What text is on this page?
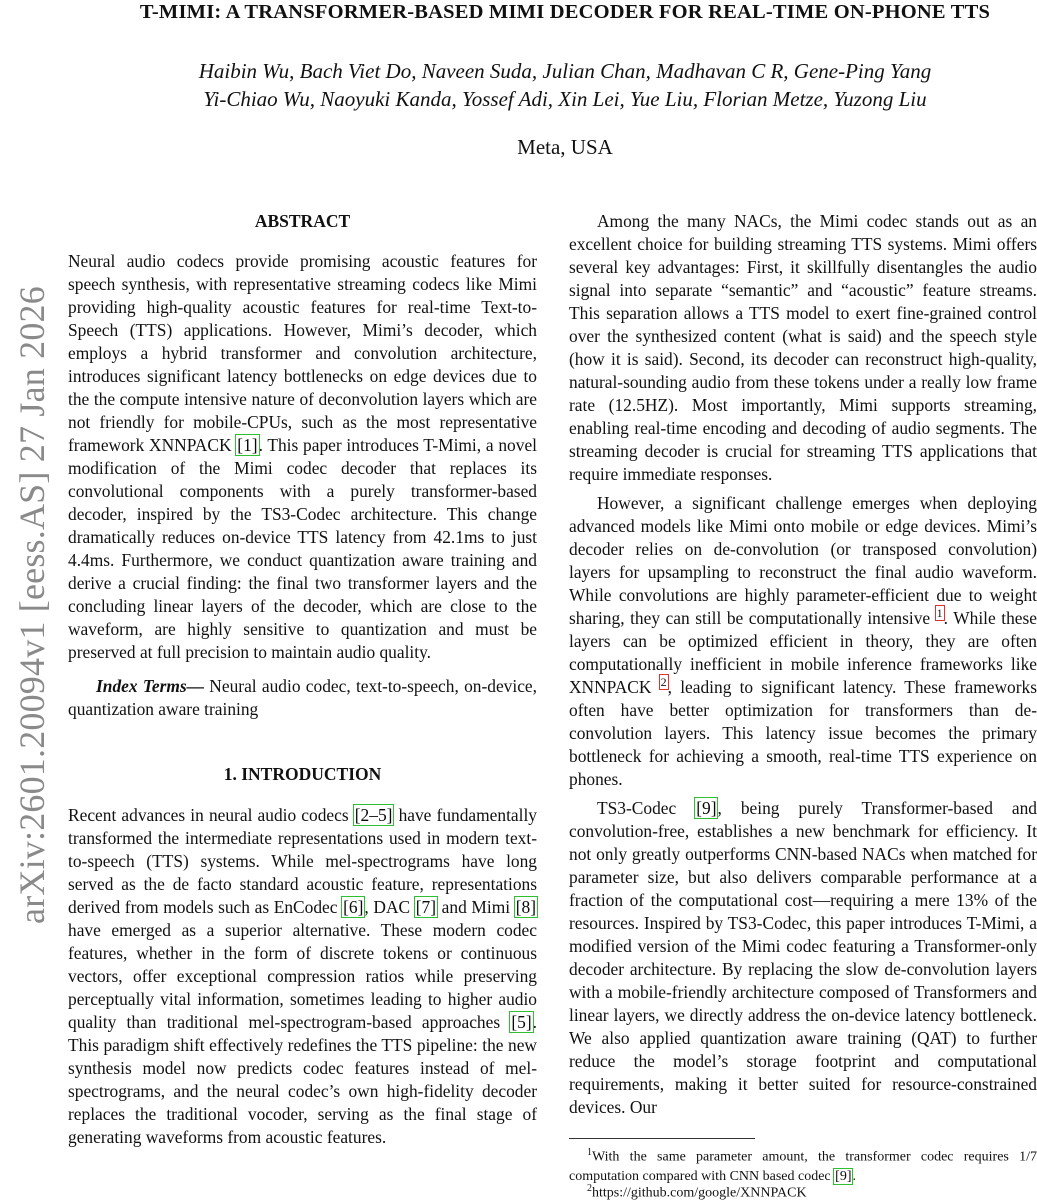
arXiv:2601.20094v1 [eess.AS] 27 Jan 2026
T-MIMI: A TRANSFORMER-BASED MIMI DECODER FOR REAL-TIME ON-PHONE TTS
Haibin Wu, Bach Viet Do, Naveen Suda, Julian Chan, Madhavan C R, Gene-Ping Yang
Yi-Chiao Wu, Naoyuki Kanda, Yossef Adi, Xin Lei, Yue Liu, Florian Metze, Yuzong Liu
Meta, USA

ABSTRACT

Neural audio codecs provide promising acoustic features for speech synthesis, with representative streaming codecs like Mimi providing high-quality acoustic features for real-time Text-to-Speech (TTS) applications. However, Mimi’s decoder, which employs a hybrid transformer and convolution architecture, introduces significant latency bottlenecks on edge devices due to the the compute intensive nature of deconvolution layers which are not friendly for mobile-CPUs, such as the most representative framework XNNPACK [1]. This paper introduces T-Mimi, a novel modification of the Mimi codec decoder that replaces its convolutional components with a purely transformer-based decoder, inspired by the TS3-Codec architecture. This change dramatically reduces on-device TTS latency from 42.1ms to just 4.4ms. Furthermore, we conduct quantization aware training and derive a crucial finding: the final two transformer layers and the concluding linear layers of the decoder, which are close to the waveform, are highly sensitive to quantization and must be preserved at full precision to maintain audio quality.

Index Terms— Neural audio codec, text-to-speech, on-device, quantization aware training

1. INTRODUCTION

Recent advances in neural audio codecs [2–5] have fundamentally transformed the intermediate representations used in modern text-to-speech (TTS) systems. While mel-spectrograms have long served as the de facto standard acoustic feature, representations derived from models such as EnCodec [6], DAC [7] and Mimi [8] have emerged as a superior alternative. These modern codec features, whether in the form of discrete tokens or continuous vectors, offer exceptional compression ratios while preserving perceptually vital information, sometimes leading to higher audio quality than traditional mel-spectrogram-based approaches [5]. This paradigm shift effectively redefines the TTS pipeline: the new synthesis model now predicts codec features instead of mel-spectrograms, and the neural codec’s own high-fidelity decoder replaces the traditional vocoder, serving as the final stage of generating waveforms from acoustic features.

Among the many NACs, the Mimi codec stands out as an excellent choice for building streaming TTS systems. Mimi offers several key advantages: First, it skillfully disentangles the audio signal into separate “semantic” and “acoustic” feature streams. This separation allows a TTS model to exert fine-grained control over the synthesized content (what is said) and the speech style (how it is said). Second, its decoder can reconstruct high-quality, natural-sounding audio from these tokens under a really low frame rate (12.5HZ). Most importantly, Mimi supports streaming, enabling real-time encoding and decoding of audio segments. The streaming decoder is crucial for streaming TTS applications that require immediate responses.

However, a significant challenge emerges when deploying advanced models like Mimi onto mobile or edge devices. Mimi’s decoder relies on de-convolution (or transposed convolution) layers for upsampling to reconstruct the final audio waveform. While convolutions are highly parameter-efficient due to weight sharing, they can still be computationally intensive $^1$. While these layers can be optimized efficient in theory, they are often computationally inefficient in mobile inference frameworks like XNNPACK $^2$, leading to significant latency. These frameworks often have better optimization for transformers than de-convolution layers. This latency issue becomes the primary bottleneck for achieving a smooth, real-time TTS experience on phones.

TS3-Codec [9], being purely Transformer-based and convolution-free, establishes a new benchmark for efficiency. It not only greatly outperforms CNN-based NACs when matched for parameter size, but also delivers comparable performance at a fraction of the computational cost—requiring a mere 13% of the resources. Inspired by TS3-Codec, this paper introduces T-Mimi, a modified version of the Mimi codec featuring a Transformer-only decoder architecture. By replacing the slow de-convolution layers with a mobile-friendly architecture composed of Transformers and linear layers, we directly address the on-device latency bottleneck. We also applied quantization aware training (QAT) to further reduce the model’s storage footprint and computational requirements, making it better suited for resource-constrained devices. Our

$^1$With the same parameter amount, the transformer codec requires 1/7 computation compared with CNN based codec [9].
$^2$https://github.com/google/XNNPACK
